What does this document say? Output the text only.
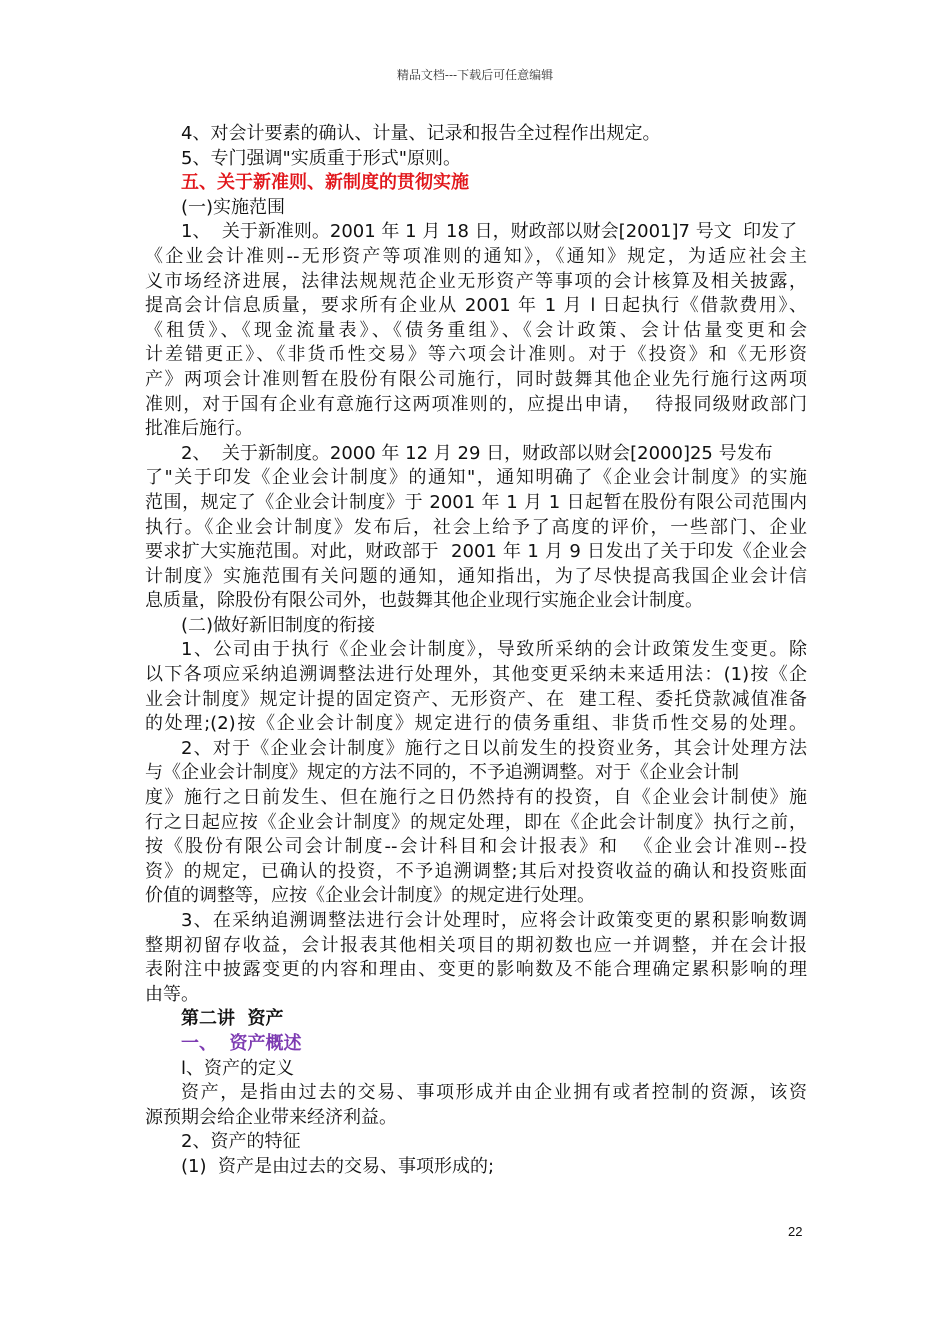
精品文档---下载后可任意编辑
4、对会计要素的确认、计量、记录和报告全过程作出规定。
5、专门强调"实质重于形式"原则。
五、关于新准则、新制度的贯彻实施
(一)实施范围
1、  关于新准则。2001 年 1 月 18 日，财政部以财会[2001]7 号文  印发了
《企业会计准则--无形资产等项准则的通知》，《通知》规定，为适应社会主
义市场经济进展，法律法规规范企业无形资产等事项的会计核算及相关披露，
提高会计信息质量，要求所有企业从 2001 年 1 月 l 日起执行《借款费用》、
《租赁》、《现金流量表》、《债务重组》、《会计政策、会计估量变更和会
计差错更正》、《非货币性交易》等六项会计准则。对于《投资》和《无形资
产》两项会计准则暂在股份有限公司施行，同时鼓舞其他企业先行施行这两项
准则，对于国有企业有意施行这两项准则的，应提出申请，  待报同级财政部门
批准后施行。
2、  关于新制度。2000 年 12 月 29 日，财政部以财会[2000]25 号发布
了"关于印发《企业会计制度》的通知"，通知明确了《企业会计制度》的实施
范围，规定了《企业会计制度》于 2001 年 1 月 1 日起暂在股份有限公司范围内
执行。《企业会计制度》发布后，社会上给予了高度的评价，一些部门、企业
要求扩大实施范围。对此，财政部于  2001 年 1 月 9 日发出了关于印发《企业会
计制度》实施范围有关问题的通知，通知指出，为了尽快提高我国企业会计信
息质量，除股份有限公司外，也鼓舞其他企业现行实施企业会计制度。
(二)做好新旧制度的衔接
1、公司由于执行《企业会计制度》，导致所采纳的会计政策发生变更。除
以下各项应采纳追溯调整法进行处理外，其他变更采纳未来适用法：(1)按《企
业会计制度》规定计提的固定资产、无形资产、在  建工程、委托贷款减值准备
的处理;(2)按《企业会计制度》规定进行的债务重组、非货币性交易的处理。
2、对于《企业会计制度》施行之日以前发生的投资业务，其会计处理方法
与《企业会计制度》规定的方法不同的，不予追溯调整。对于《企业会计制
度》施行之日前发生、但在施行之日仍然持有的投资，自《企业会计制使》施
行之日起应按《企业会计制度》的规定处理，即在《企此会计制度》执行之前，
按《股份有限公司会计制度--会计科目和会计报表》和  《企业会计准则--投
资》的规定，已确认的投资，不予追溯调整;其后对投资收益的确认和投资账面
价值的调整等，应按《企业会计制度》的规定进行处理。
3、在采纳追溯调整法进行会计处理时，应将会计政策变更的累积影响数调
整期初留存收益，会计报表其他相关项目的期初数也应一并调整，并在会计报
表附注中披露变更的内容和理由、变更的影响数及不能合理确定累积影响的理
由等。
第二讲  资产
一、  资产概述
l、资产的定义
资产，是指由过去的交易、事项形成并由企业拥有或者控制的资源，该资
源预期会给企业带来经济利益。
2、资产的特征
(1)  资产是由过去的交易、事项形成的;
22
